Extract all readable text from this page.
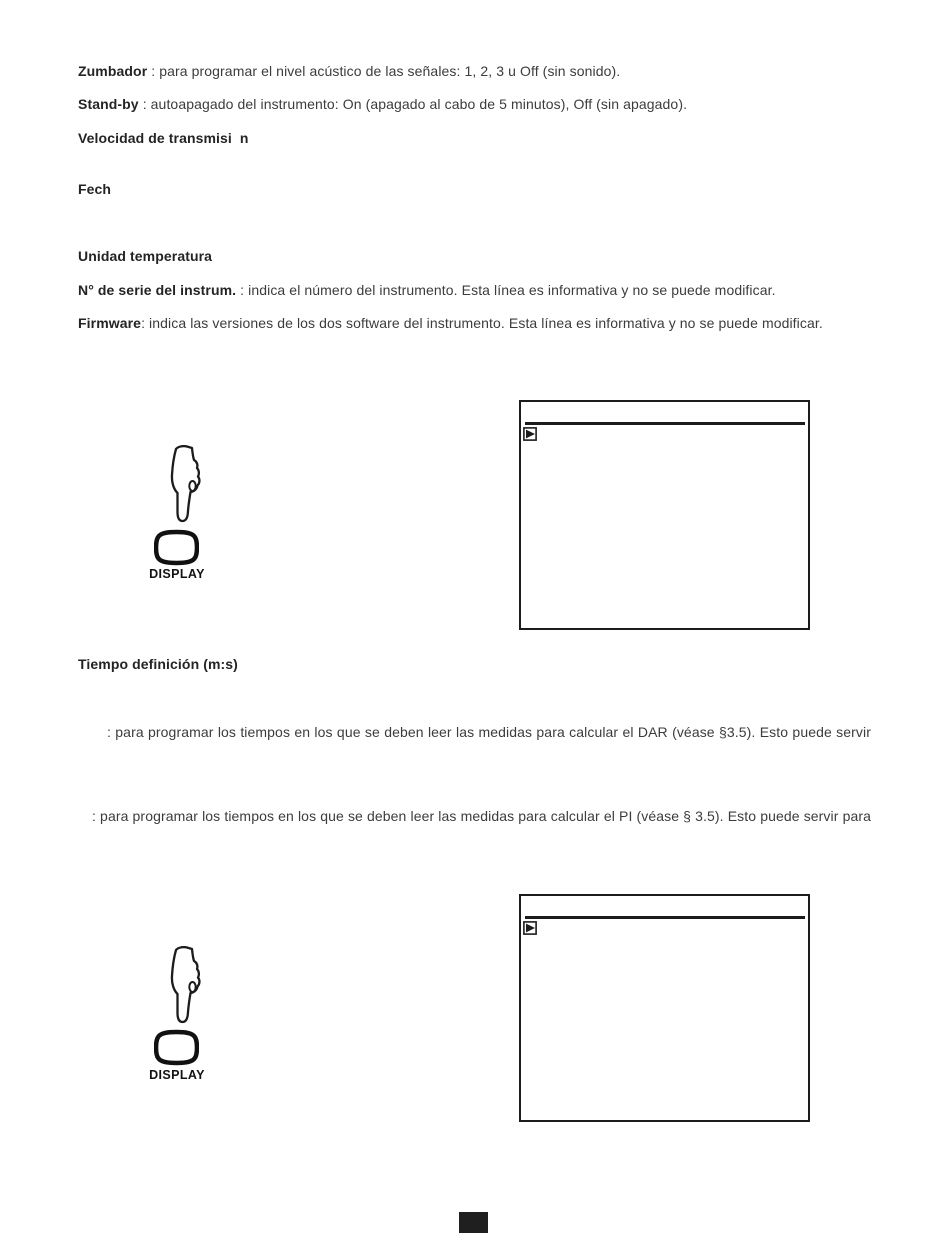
Zumbador : para programar el nivel acústico de las señales: 1, 2, 3 u Off (sin sonido).
Stand-by : autoapagado del instrumento: On (apagado al cabo de 5 minutos), Off (sin apagado).
Velocidad de transmisi  n
Fech
Unidad temperatura
N° de serie del instrum. : indica el número del instrumento. Esta línea es informativa y no se puede modificar.
Firmware: indica las versiones de los dos software del instrumento. Esta línea es informativa y no se puede modificar.
DISPLAY
Tiempo definición (m:s)
: para programar los tiempos en los que se deben leer las medidas para calcular el DAR (véase §3.5). Esto puede servir
: para programar los tiempos en los que se deben leer las medidas para calcular el PI (véase § 3.5). Esto puede servir para
DISPLAY
